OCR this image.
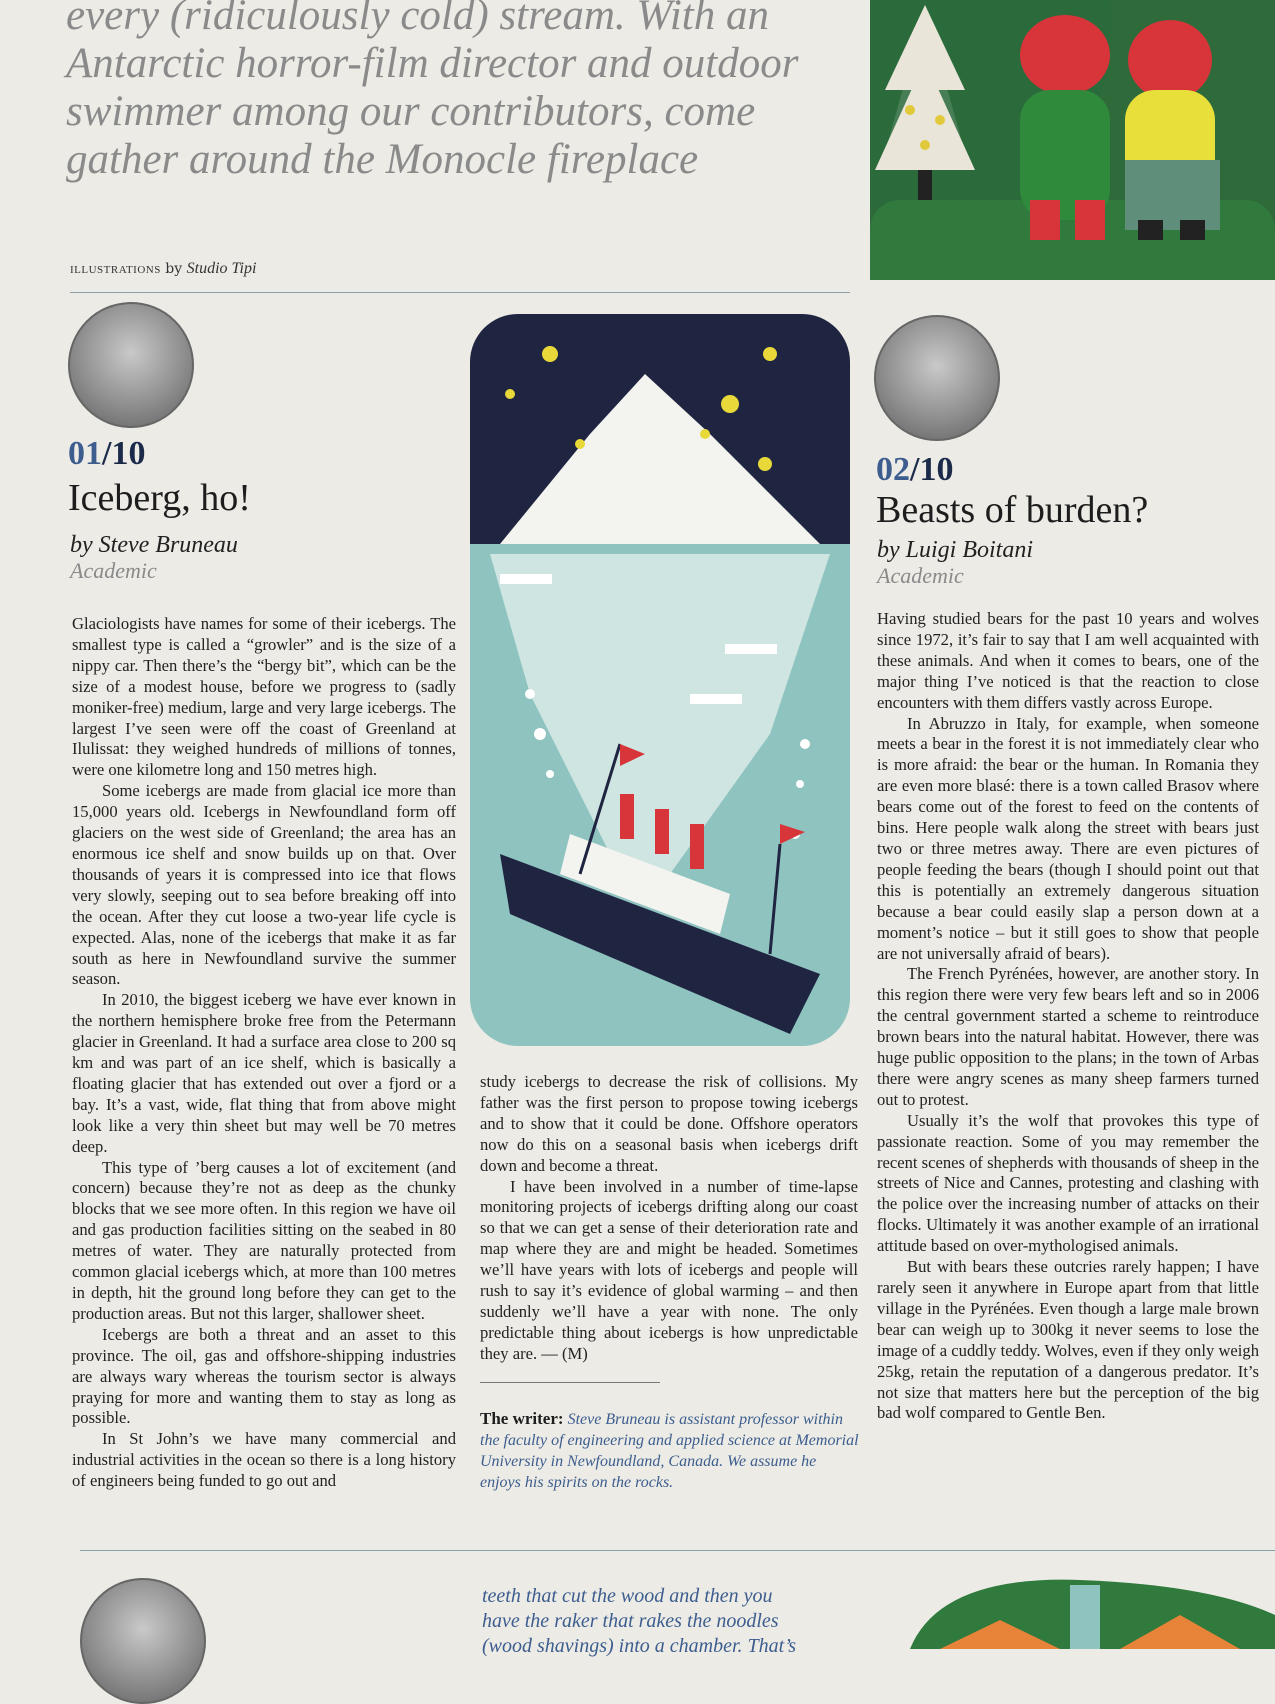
every (ridiculously cold) stream. With an
Antarctic horror-film director and outdoor
swimmer among our contributors, come
gather around the Monocle fireplace
illustrations by Studio Tipi
01/10
Iceberg, ho!
by Steve Bruneau
Academic

Glaciologists have names for some of their icebergs. The smallest type is called a “growler” and is the size of a nippy car. Then there’s the “bergy bit”, which can be the size of a modest house, before we progress to (sadly moniker-free) medium, large and very large icebergs. The largest I’ve seen were off the coast of Greenland at Ilulissat: they weighed hundreds of millions of tonnes, were one kilometre long and 150 metres high.

Some icebergs are made from glacial ice more than 15,000 years old. Icebergs in Newfoundland form off glaciers on the west side of Greenland; the area has an enormous ice shelf and snow builds up on that. Over thousands of years it is compressed into ice that flows very slowly, seeping out to sea before breaking off into the ocean. After they cut loose a two-year life cycle is expected. Alas, none of the icebergs that make it as far south as here in Newfoundland survive the summer season.

In 2010, the biggest iceberg we have ever known in the northern hemisphere broke free from the Petermann glacier in Greenland. It had a surface area close to 200 sq km and was part of an ice shelf, which is basically a floating glacier that has extended out over a fjord or a bay. It’s a vast, wide, flat thing that from above might look like a very thin sheet but may well be 70 metres deep.

This type of ’berg causes a lot of excitement (and concern) because they’re not as deep as the chunky blocks that we see more often. In this region we have oil and gas production facilities sitting on the seabed in 80 metres of water. They are naturally protected from common glacial icebergs which, at more than 100 metres in depth, hit the ground long before they can get to the production areas. But not this larger, shallower sheet.

Icebergs are both a threat and an asset to this province. The oil, gas and offshore-shipping industries are always wary whereas the tourism sector is always praying for more and wanting them to stay as long as possible.

In St John’s we have many commercial and industrial activities in the ocean so there is a long history of engineers being funded to go out and

study icebergs to decrease the risk of collisions. My father was the first person to propose towing icebergs and to show that it could be done. Offshore operators now do this on a seasonal basis when icebergs drift down and become a threat.

I have been involved in a number of time-lapse monitoring projects of icebergs drifting along our coast so that we can get a sense of their deterioration rate and map where they are and might be headed. Sometimes we’ll have years with lots of icebergs and people will rush to say it’s evidence of global warming – and then suddenly we’ll have a year with none. The only predictable thing about icebergs is how unpredictable they are. — (M)

The writer: Steve Bruneau is assistant professor within the faculty of engineering and applied science at Memorial University in Newfoundland, Canada. We assume he enjoys his spirits on the rocks.
02/10
Beasts of burden?
by Luigi Boitani
Academic

Having studied bears for the past 10 years and wolves since 1972, it’s fair to say that I am well acquainted with these animals. And when it comes to bears, one of the major thing I’ve noticed is that the reaction to close encounters with them differs vastly across Europe.

In Abruzzo in Italy, for example, when someone meets a bear in the forest it is not immediately clear who is more afraid: the bear or the human. In Romania they are even more blasé: there is a town called Brasov where bears come out of the forest to feed on the contents of bins. Here people walk along the street with bears just two or three metres away. There are even pictures of people feeding the bears (though I should point out that this is potentially an extremely dangerous situation because a bear could easily slap a person down at a moment’s notice – but it still goes to show that people are not universally afraid of bears).

The French Pyrénées, however, are another story. In this region there were very few bears left and so in 2006 the central government started a scheme to reintroduce brown bears into the natural habitat. However, there was huge public opposition to the plans; in the town of Arbas there were angry scenes as many sheep farmers turned out to protest.

Usually it’s the wolf that provokes this type of passionate reaction. Some of you may remember the recent scenes of shepherds with thousands of sheep in the streets of Nice and Cannes, protesting and clashing with the police over the increasing number of attacks on their flocks. Ultimately it was another example of an irrational attitude based on over-mythologised animals.

But with bears these outcries rarely happen; I have rarely seen it anywhere in Europe apart from that little village in the Pyrénées. Even though a large male brown bear can weigh up to 300kg it never seems to lose the image of a cuddly teddy. Wolves, even if they only weigh 25kg, retain the reputation of a dangerous predator. It’s not size that matters here but the perception of the big bad wolf compared to Gentle Ben.

teeth that cut the wood and then you
have the raker that rakes the noodles
(wood shavings) into a chamber. That’s
